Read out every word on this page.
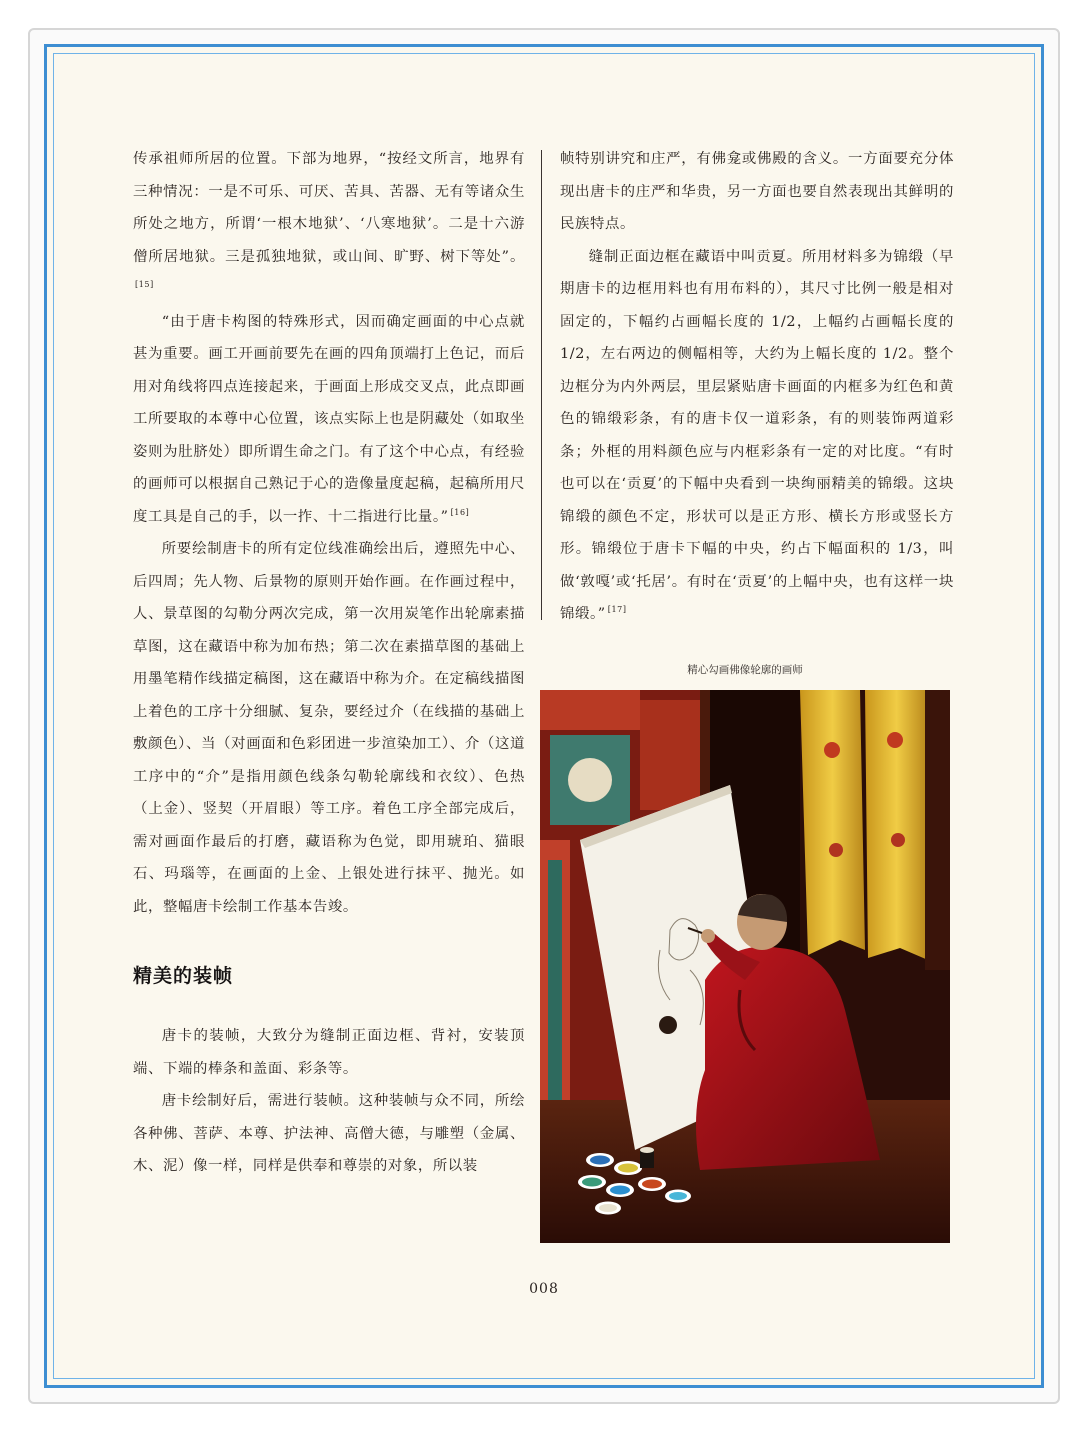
传承祖师所居的位置。下部为地界，“按经文所言，地界有三种情况：一是不可乐、可厌、苦具、苦器、无有等诸众生所处之地方，所谓‘一根木地狱’、‘八寒地狱’。二是十六游僧所居地狱。三是孤独地狱，或山间、旷野、树下等处”。[15]

“由于唐卡构图的特殊形式，因而确定画面的中心点就甚为重要。画工开画前要先在画的四角顶端打上色记，而后用对角线将四点连接起来，于画面上形成交叉点，此点即画工所要取的本尊中心位置，该点实际上也是阴藏处（如取坐姿则为肚脐处）即所谓生命之门。有了这个中心点，有经验的画师可以根据自己熟记于心的造像量度起稿，起稿所用尺度工具是自己的手，以一拃、十二指进行比量。” [16]

所要绘制唐卡的所有定位线准确绘出后，遵照先中心、后四周；先人物、后景物的原则开始作画。在作画过程中，人、景草图的勾勒分两次完成，第一次用炭笔作出轮廓素描草图，这在藏语中称为加布热；第二次在素描草图的基础上用墨笔精作线描定稿图，这在藏语中称为介。在定稿线描图上着色的工序十分细腻、复杂，要经过介（在线描的基础上敷颜色）、当（对画面和色彩团进一步渲染加工）、介（这道工序中的“介”是指用颜色线条勾勒轮廓线和衣纹）、色热（上金）、竖契（开眉眼）等工序。着色工序全部完成后，需对画面作最后的打磨，藏语称为色觉，即用琥珀、猫眼石、玛瑙等，在画面的上金、上银处进行抹平、抛光。如此，整幅唐卡绘制工作基本告竣。

精美的装帧

唐卡的装帧，大致分为缝制正面边框、背衬，安装顶端、下端的棒条和盖面、彩条等。

唐卡绘制好后，需进行装帧。这种装帧与众不同，所绘各种佛、菩萨、本尊、护法神、高僧大德，与雕塑（金属、木、泥）像一样，同样是供奉和尊崇的对象，所以装

帧特别讲究和庄严，有佛龛或佛殿的含义。一方面要充分体现出唐卡的庄严和华贵，另一方面也要自然表现出其鲜明的民族特点。

缝制正面边框在藏语中叫贡夏。所用材料多为锦缎（早期唐卡的边框用料也有用布料的），其尺寸比例一般是相对固定的，下幅约占画幅长度的 1/2，上幅约占画幅长度的 1/2，左右两边的侧幅相等，大约为上幅长度的 1/2。整个边框分为内外两层，里层紧贴唐卡画面的内框多为红色和黄色的锦缎彩条，有的唐卡仅一道彩条，有的则装饰两道彩条；外框的用料颜色应与内框彩条有一定的对比度。“有时也可以在‘贡夏’的下幅中央看到一块绚丽精美的锦缎。这块锦缎的颜色不定，形状可以是正方形、横长方形或竖长方形。锦缎位于唐卡下幅的中央，约占下幅面积的 1/3，叫做‘敦嘎’或‘托居’。有时在‘贡夏’的上幅中央，也有这样一块锦缎。” [17]

精心勾画佛像轮廓的画师
008
